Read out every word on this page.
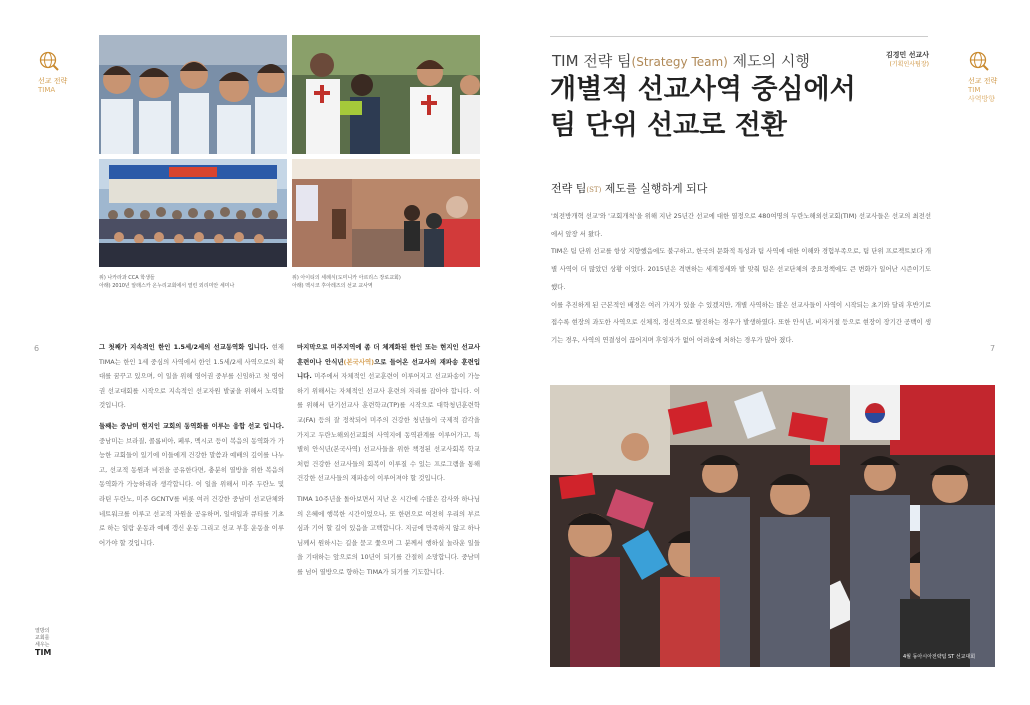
선교 전략
TIMA
위) 나카라과 CCA 학생들
아래) 2010년 알래스카 온누리교회에서 열린 외리미안 세미나
위) 아이티의 세례식(도미니카 아르리스 장로교회)
아래) 멕시코 후아레즈의 선교 교사역
6	그 첫째가 지속적인 한인 1.5세/2세의 선교동역화 입니다. 현재 TIMA는 한인 1세 중심의 사역에서 한인 1.5세/2세 사역으로의 확대를 꿈꾸고 있으며, 이 일을 위해 영어권 중부를 신임하고 첫 영어권 선교대회를 시작으로 지속적인 선교자원 발굴을 위해서 노력할 것입니다.

둘째는 중남미 현지인 교회의 동역화를 이루는 융합 선교 입니다. 중남미는 브라질, 콜롬비아, 페루, 멕시코 등이 복음의 동역화가 가능한 교회들이 있기에 이들에게 건강한 말씀과 예배의 깊이를 나누고, 선교적 동원과 비전을 공유한다면, 충분히 열방을 위한 복음의 동역화가 가능하리라 생각합니다. 이 일을 위해서 미주 두란노 및 라틴 두란노, 미주 GCNTV를 비롯 여러 건강한 중남미 선교단체와 네트워크를 이루고 선교적 자원을 공유하며, 일대일과 큐티를 기초로 하는 일람 운동과 예배 갱신 운동 그리고 선교 부흥 운동을 이루어가야 할 것입니다.

마지막으로 미주지역에 좀 더 체계화된 한인 또는 현지인 선교사 훈련이나 안식년(본국사역)으로 들어온 선교사의 재파송 훈련입니다. 미주에서 자체적인 선교훈련이 이루어지고 선교파송이 가능하기 위해서는 자체적인 선교사 훈련의 자리를 잡아야 합니다. 이를 위해서 단기선교사 훈련학교(TP)를 시작으로 대학청년훈련학교(FA) 등의 잘 정착되어 미주의 건강한 청년들이 국제적 감각을 가지고 두란노해외선교회의 사역지에 동역관계를 이루어가고, 특별히 안식년(본국사역) 선교사들을 위한 책정된 선교사회복 학교처럼 건강한 선교사들의 회복이 이루질 수 있는 프로그램을 통해 건강한 선교사들의 재파송이 이루어져야 할 것입니다.

TIMA 10주년을 돌아보면서 지난 온 시간에 수많은 감사와 하나님의 은혜에 행복한 시간이었으나, 또 한편으로 여전히 우리의 부르심과 기어 할 길이 있음을 고백합니다. 지금에 만족하지 않고 하나님께서 원하시는 길을 묻고 쫓으며 그 분께서 행하실 놀라운 일들을 기대하는 앞으로의 10년이 되기를 간절히 소망합니다. 중남미를 넘어 열방으로 향하는 TIMA가 되기를 기도합니다.

열방의
교회를
세우는
TIM
TIM 전략 팀(Strategy Team) 제도의 시행
개별적 선교사역 중심에서
팀 단위 선교로 전환
김경민 선교사
(기획인사팀장)
선교 전략
TIM
사역방향
전략 팀(ST) 제도를 실행하게 되다

'희전방개혁 선교'와 '교회개척'을 위해 지난 25년간 선교에 대한 열정으로 480여명의 두란노해외선교회(TIM) 선교사들은 선교의 최전선에서 앞장 서 왔다.

TIM은 팀 단위 선교를 항상 지향했음에도 불구하고, 한국의 문화적 특성과 팀 사역에 대한 이해와 경험부족으로, 팀 단위 프로젝트보다 개별 사역이 더 많았던 상황 이었다. 2015년은 격변하는 세계정세와 발 맞춰 팀은 선교단체의 중요정책에도 큰 변화가 일어난 시즌이기도 했다.

이를 추진하게 된 근본적인 배경은 여러 가지가 있을 수 있겠지만, 개별 사역하는 많은 선교사들이 사역이 시작되는 초기와 달리 후반기로 접수록 현장의 과도한 사역으로 신체적, 정신적으로 탈진하는 경우가 발생하였다. 또한 안식년, 비자거절 등으로 현장이 장기간 공백이 생기는 경우, 사역의 연결성이 끊어지며 후임자가 없어 어려움에 처하는 경우가 많아 졌다.

7
4월 동아시아전략팀 ST 선교대회
